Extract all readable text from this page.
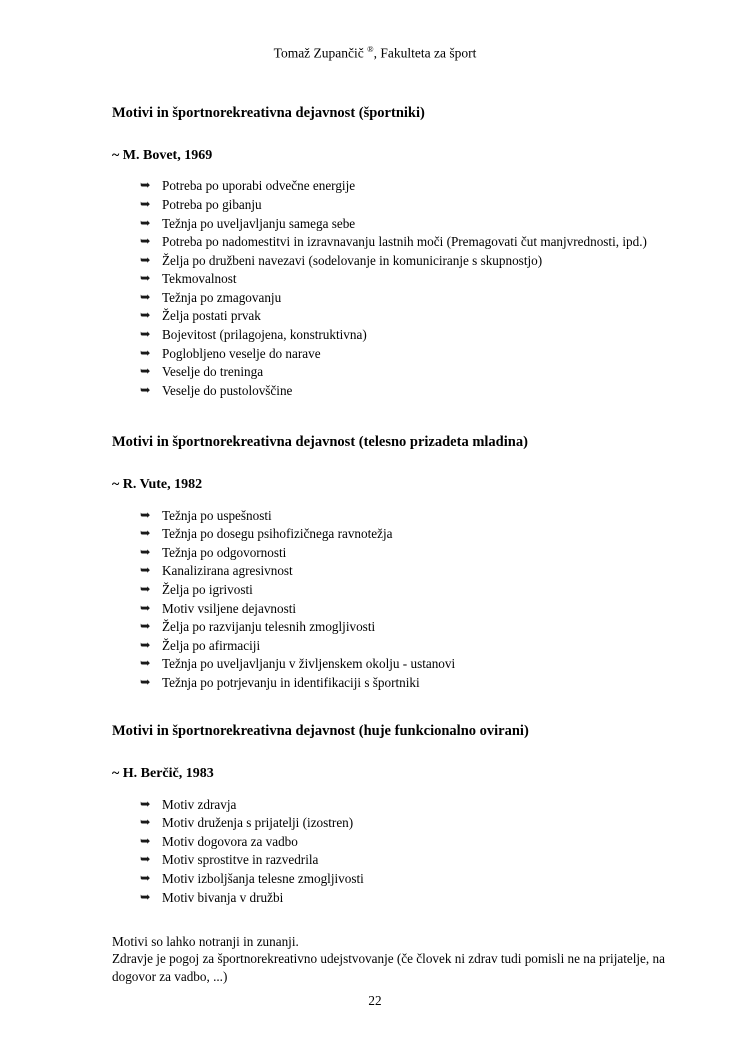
Tomaž Zupančič ®, Fakulteta za šport
Motivi in športnorekreativna dejavnost (športniki)

~ M. Bovet, 1969

➥ Potreba po uporabi odvečne energije
➥ Potreba po gibanju
➥ Težnja po uveljavljanju samega sebe
➥ Potreba po nadomestitvi in izravnavanju lastnih moči (Premagovati čut manjvrednosti, ipd.)
➥ Želja po družbeni navezavi (sodelovanje in komuniciranje s skupnostjo)
➥ Tekmovalnost
➥ Težnja po zmagovanju
➥ Želja postati prvak
➥ Bojevitost (prilagojena, konstruktivna)
➥ Poglobljeno veselje do narave
➥ Veselje do treninga
➥ Veselje do pustolovščine
Motivi in športnorekreativna dejavnost (telesno prizadeta mladina)

~ R. Vute, 1982

➥ Težnja po uspešnosti
➥ Težnja po dosegu psihofizičnega ravnotežja
➥ Težnja po odgovornosti
➥ Kanalizirana agresivnost
➥ Želja po igrivosti
➥ Motiv vsiljene dejavnosti
➥ Želja po razvijanju telesnih zmogljivosti
➥ Želja po afirmaciji
➥ Težnja po uveljavljanju v življenskem okolju - ustanovi
➥ Težnja po potrjevanju in identifikaciji s športniki
Motivi in športnorekreativna dejavnost (huje funkcionalno ovirani)

~ H. Berčič, 1983

➥ Motiv zdravja
➥ Motiv druženja s prijatelji (izostren)
➥ Motiv dogovora za vadbo
➥ Motiv sprostitve in razvedrila
➥ Motiv izboljšanja telesne zmogljivosti
➥ Motiv bivanja v družbi

Motivi so lahko notranji in zunanji.

Zdravje je pogoj za športnorekreativno udejstvovanje (če človek ni zdrav tudi pomisli ne na prijatelje, na dogovor za vadbo, ...)

22
